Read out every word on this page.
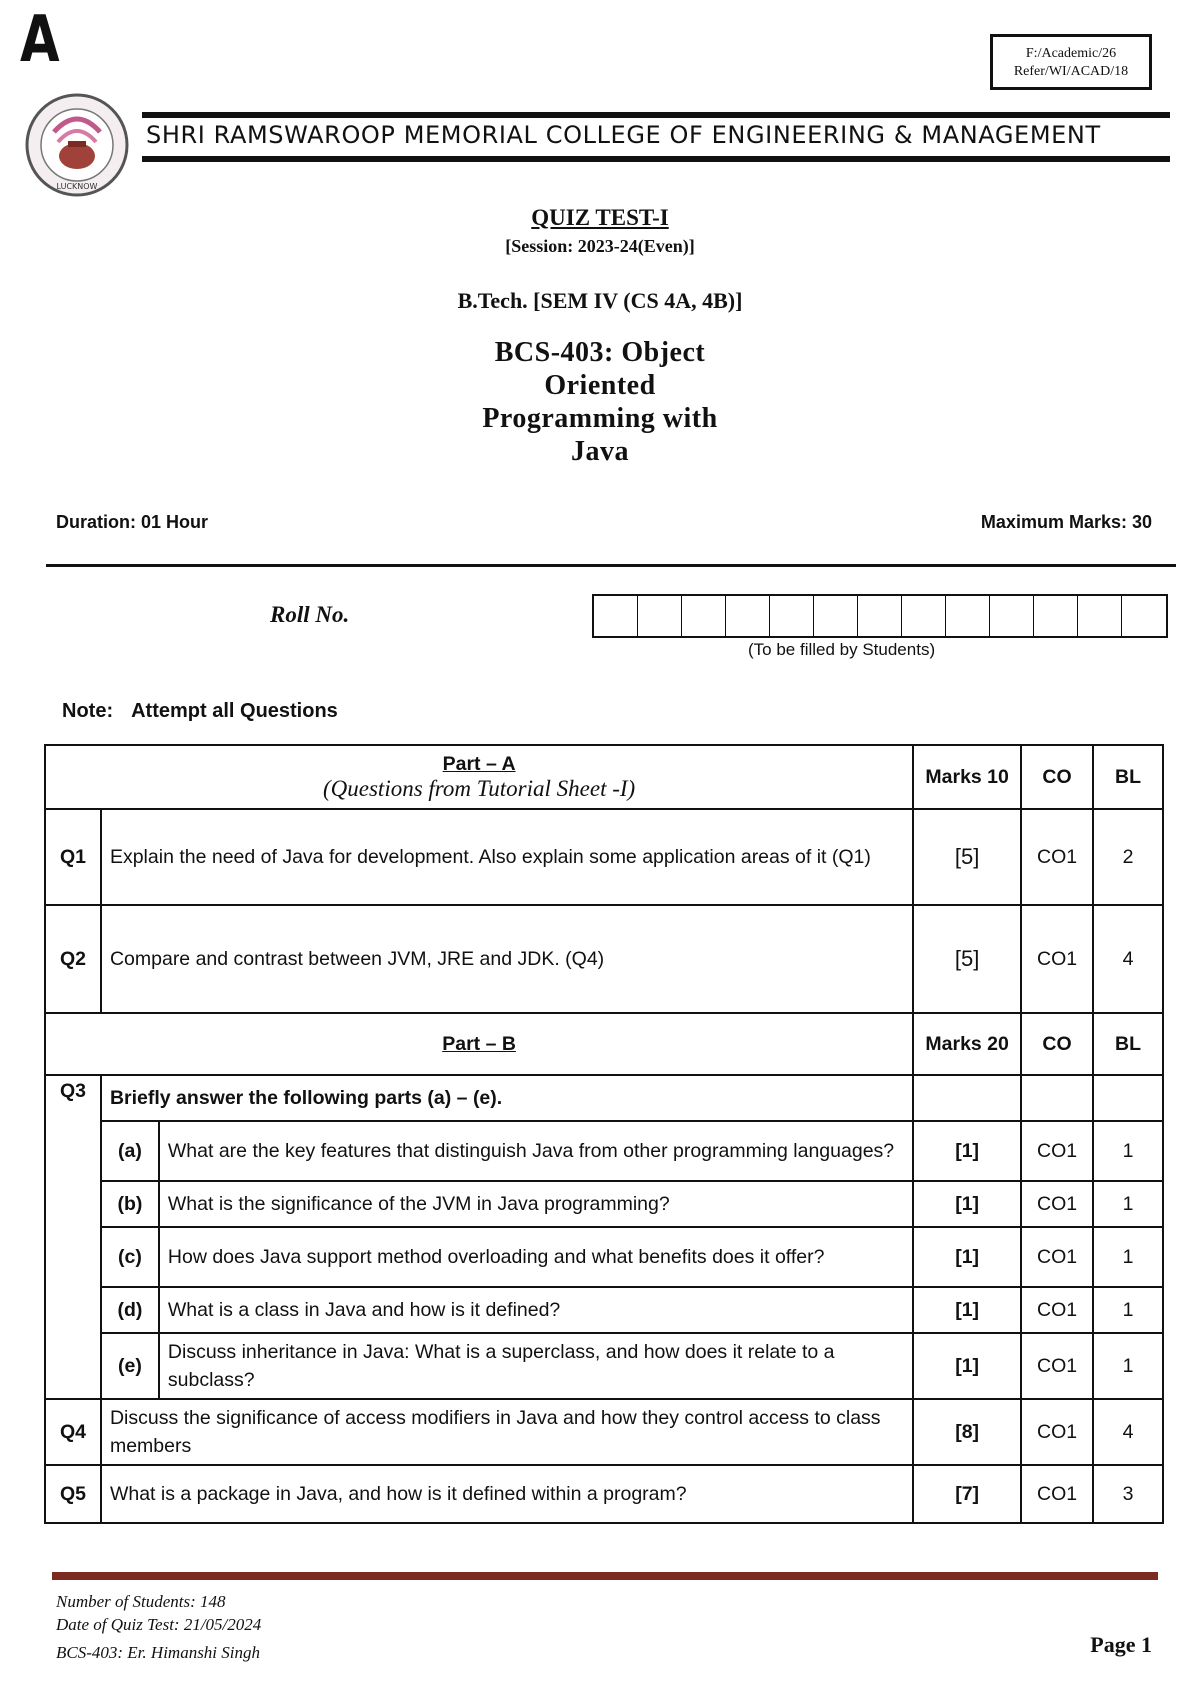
A	F:/Academic/26
Refer/WI/ACAD/18
LUCKNOW
SHRI RAMSWAROOP MEMORIAL COLLEGE OF ENGINEERING & MANAGEMENT
QUIZ TEST-I
[Session: 2023-24(Even)]
B.Tech. [SEM IV (CS 4A, 4B)]
BCS-403: Object
Oriented
Programming with
Java
Duration: 01 Hour	Maximum Marks: 30
Roll No.
(To be filled by Students)
Note: Attempt all Questions
Part – A
(Questions from Tutorial Sheet -I)			Marks 10	CO	BL
Q1	Explain the need of Java for development. Also explain some application areas of it (Q1)		[5]	CO1	2
Q2	Compare and contrast between JVM, JRE and JDK. (Q4)		[5]	CO1	4
Part – B			Marks 20	CO	BL
Q3	Briefly answer the following parts (a) – (e).				
	(a)	What are the key features that distinguish Java from other programming languages?	[1]	CO1	1
	(b)	What is the significance of the JVM in Java programming?	[1]	CO1	1
	(c)	How does Java support method overloading and what benefits does it offer?	[1]	CO1	1
	(d)	What is a class in Java and how is it defined?	[1]	CO1	1
	(e)	Discuss inheritance in Java: What is a superclass, and how does it relate to a subclass?	[1]	CO1	1
Q4	Discuss the significance of access modifiers in Java and how they control access to class members		[8]	CO1	4
Q5	What is a package in Java, and how is it defined within a program?		[7]	CO1	3
Number of Students: 148
Date of Quiz Test: 21/05/2024
BCS-403: Er. Himanshi Singh	Page 1
